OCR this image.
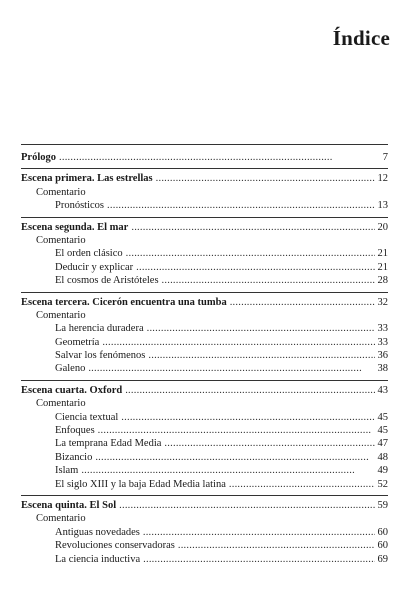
Índice
Prólogo . . .	7
Escena primera. Las estrellas . . .	12
Comentario
Pronósticos . . .	13
Escena segunda. El mar . . .	20
Comentario
El orden clásico . . .	21
Deducir y explicar . . .	21
El cosmos de Aristóteles . . .	28
Escena tercera. Cicerón encuentra una tumba . . .	32
Comentario
La herencia duradera . . .	33
Geometría . . .	33
Salvar los fenómenos . . .	36
Galeno . . .	38
Escena cuarta. Oxford . . .	43
Comentario
Ciencia textual . . .	45
Enfoques . . .	45
La temprana Edad Media . . .	47
Bizancio . . .	48
Islam . . .	49
El siglo XIII y la baja Edad Media latina . . .	52
Escena quinta. El Sol . . .	59
Comentario
Antiguas novedades . . .	60
Revoluciones conservadoras . . .	60
La ciencia inductiva . . .	69
